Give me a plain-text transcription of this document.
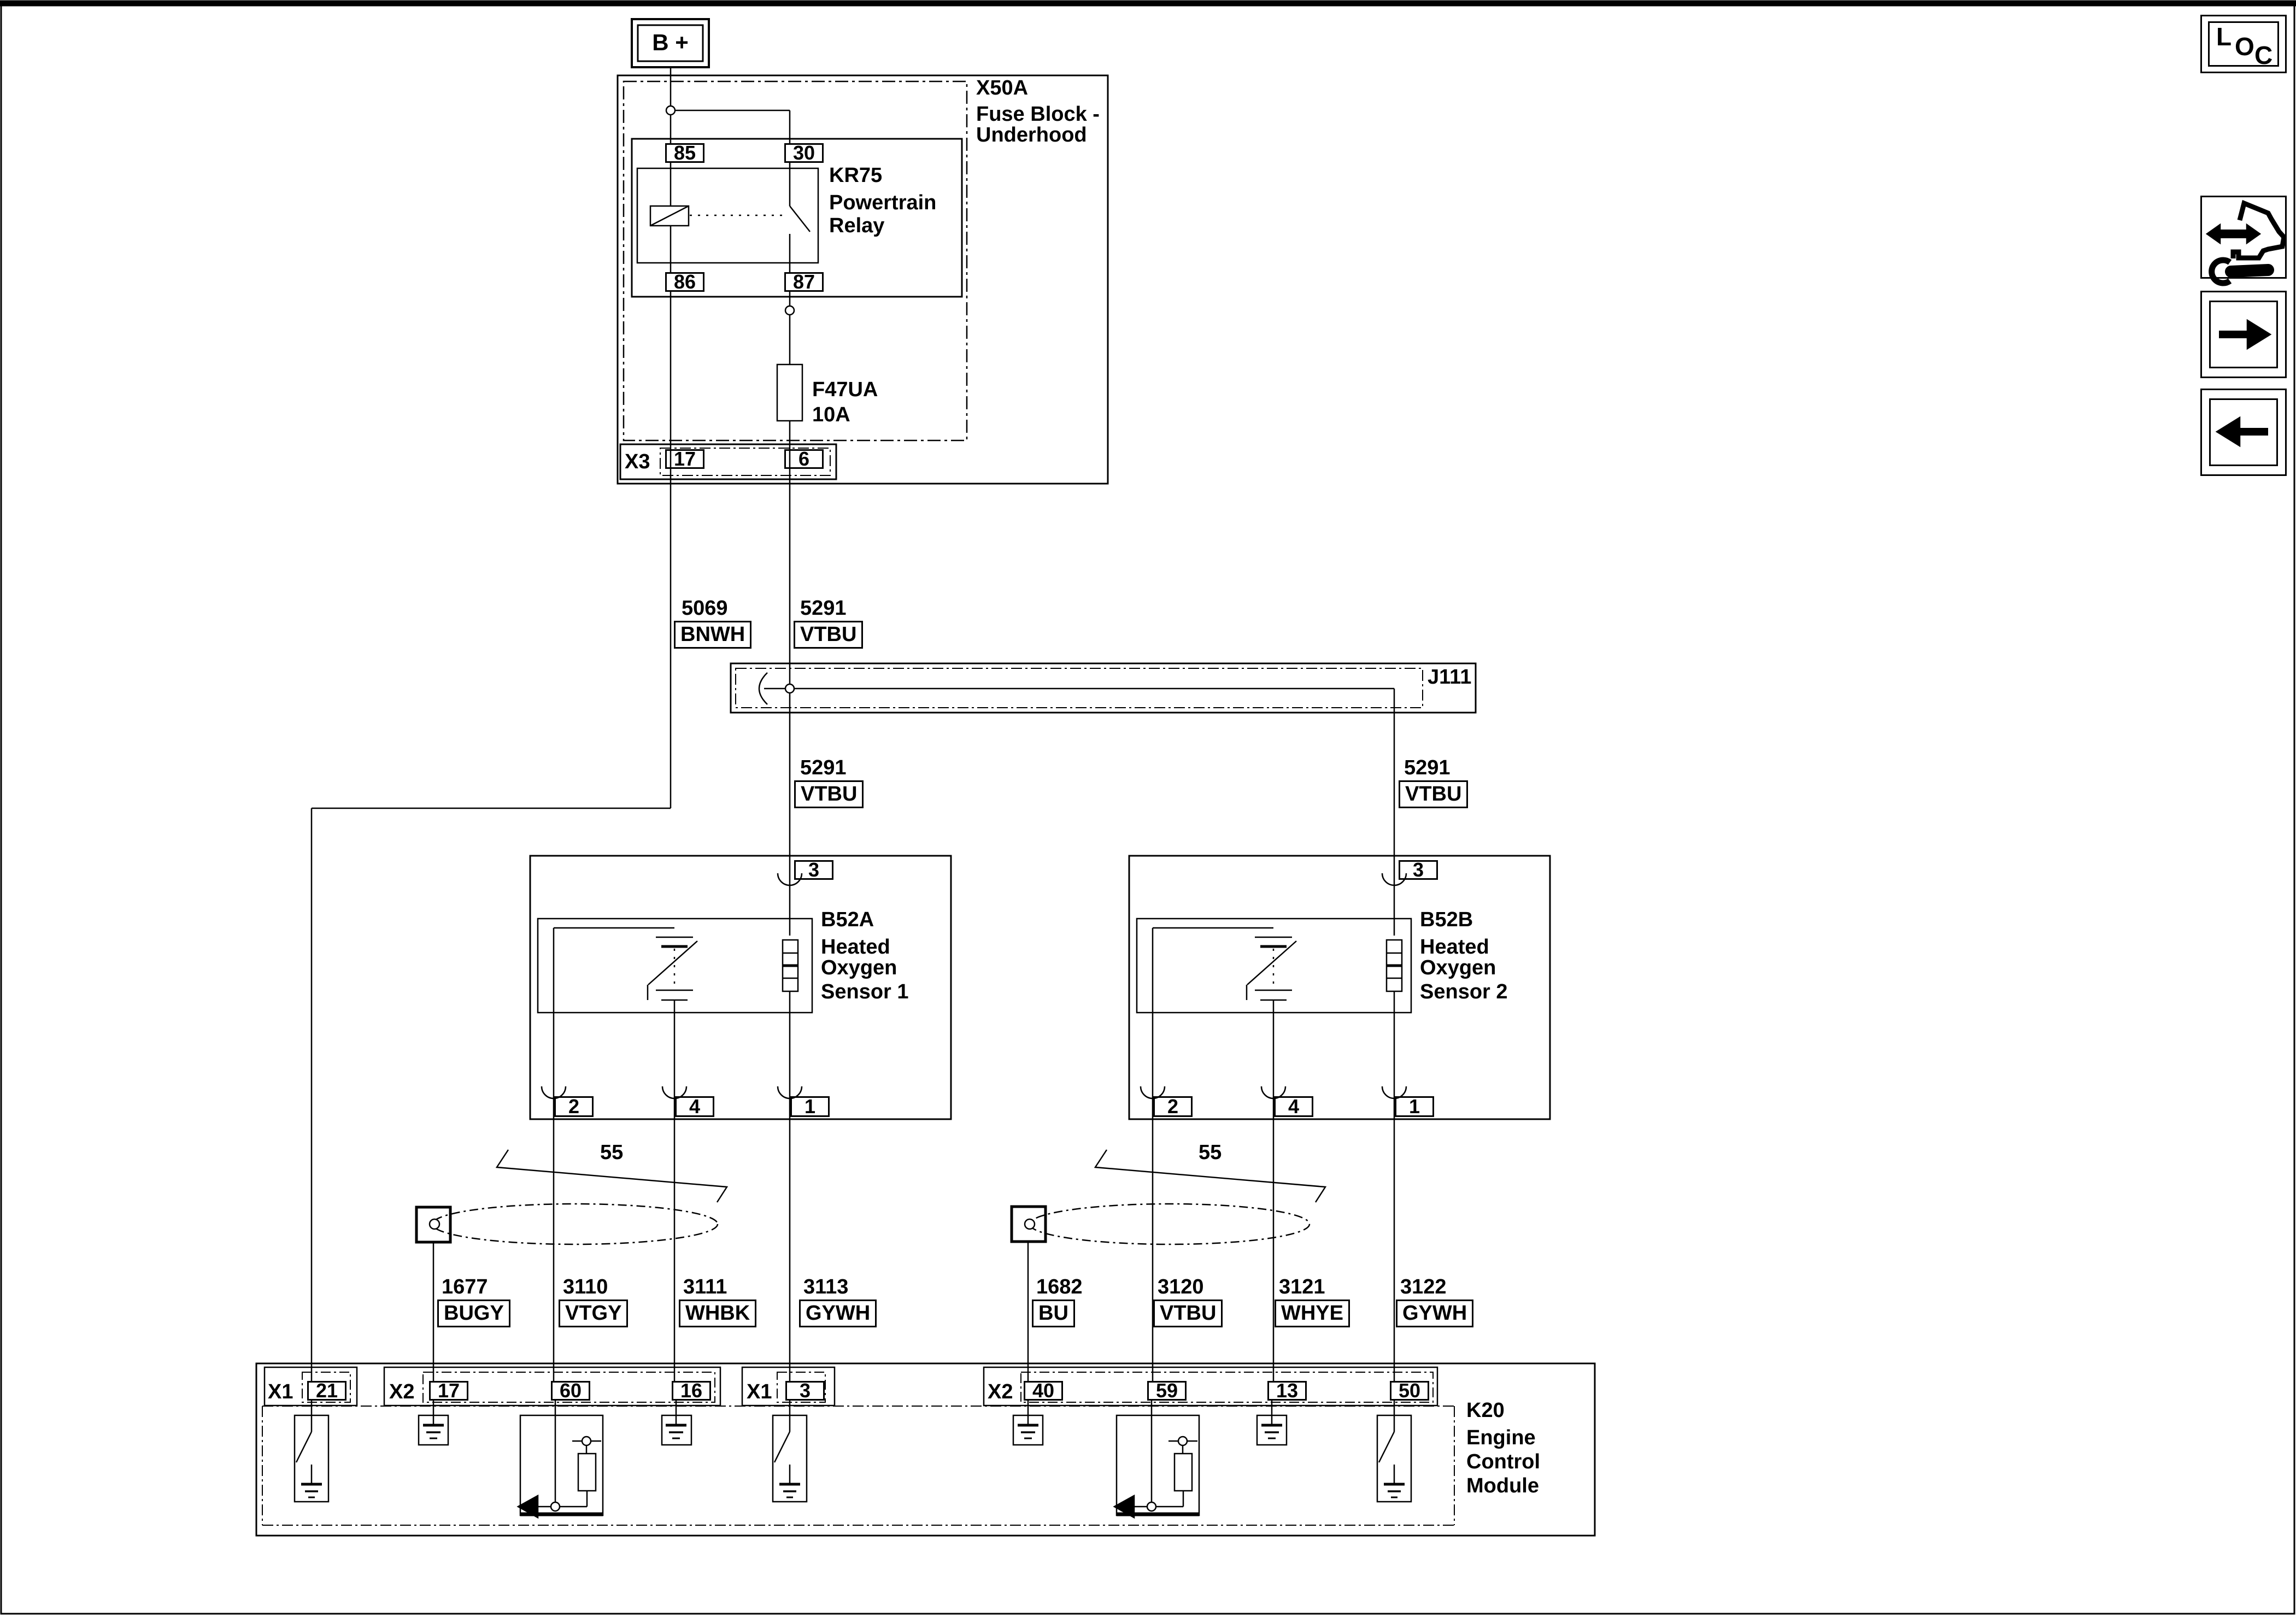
B +
X50A
Fuse Block -
Underhood
KR75
Powertrain
Relay
85	30
86	87
F47UA
10A
X3	17	6
5069
BNWH
5291
VTBU
J111
5291
VTBU
5291
VTBU
B52A
Heated
Oxygen
Sensor 1
3
2	4	1
B52B
Heated
Oxygen
Sensor 2
3
2	4	1
55	55
1677
BUGY
3110
VTGY
3111
WHBK
3113
GYWH
1682
BU
3120
VTBU
3121
WHYE
3122
GYWH
X1	21	X2	17	60	16	X1	3	X2 40	59	13	50
K20
Engine
Control
Module
L O C
